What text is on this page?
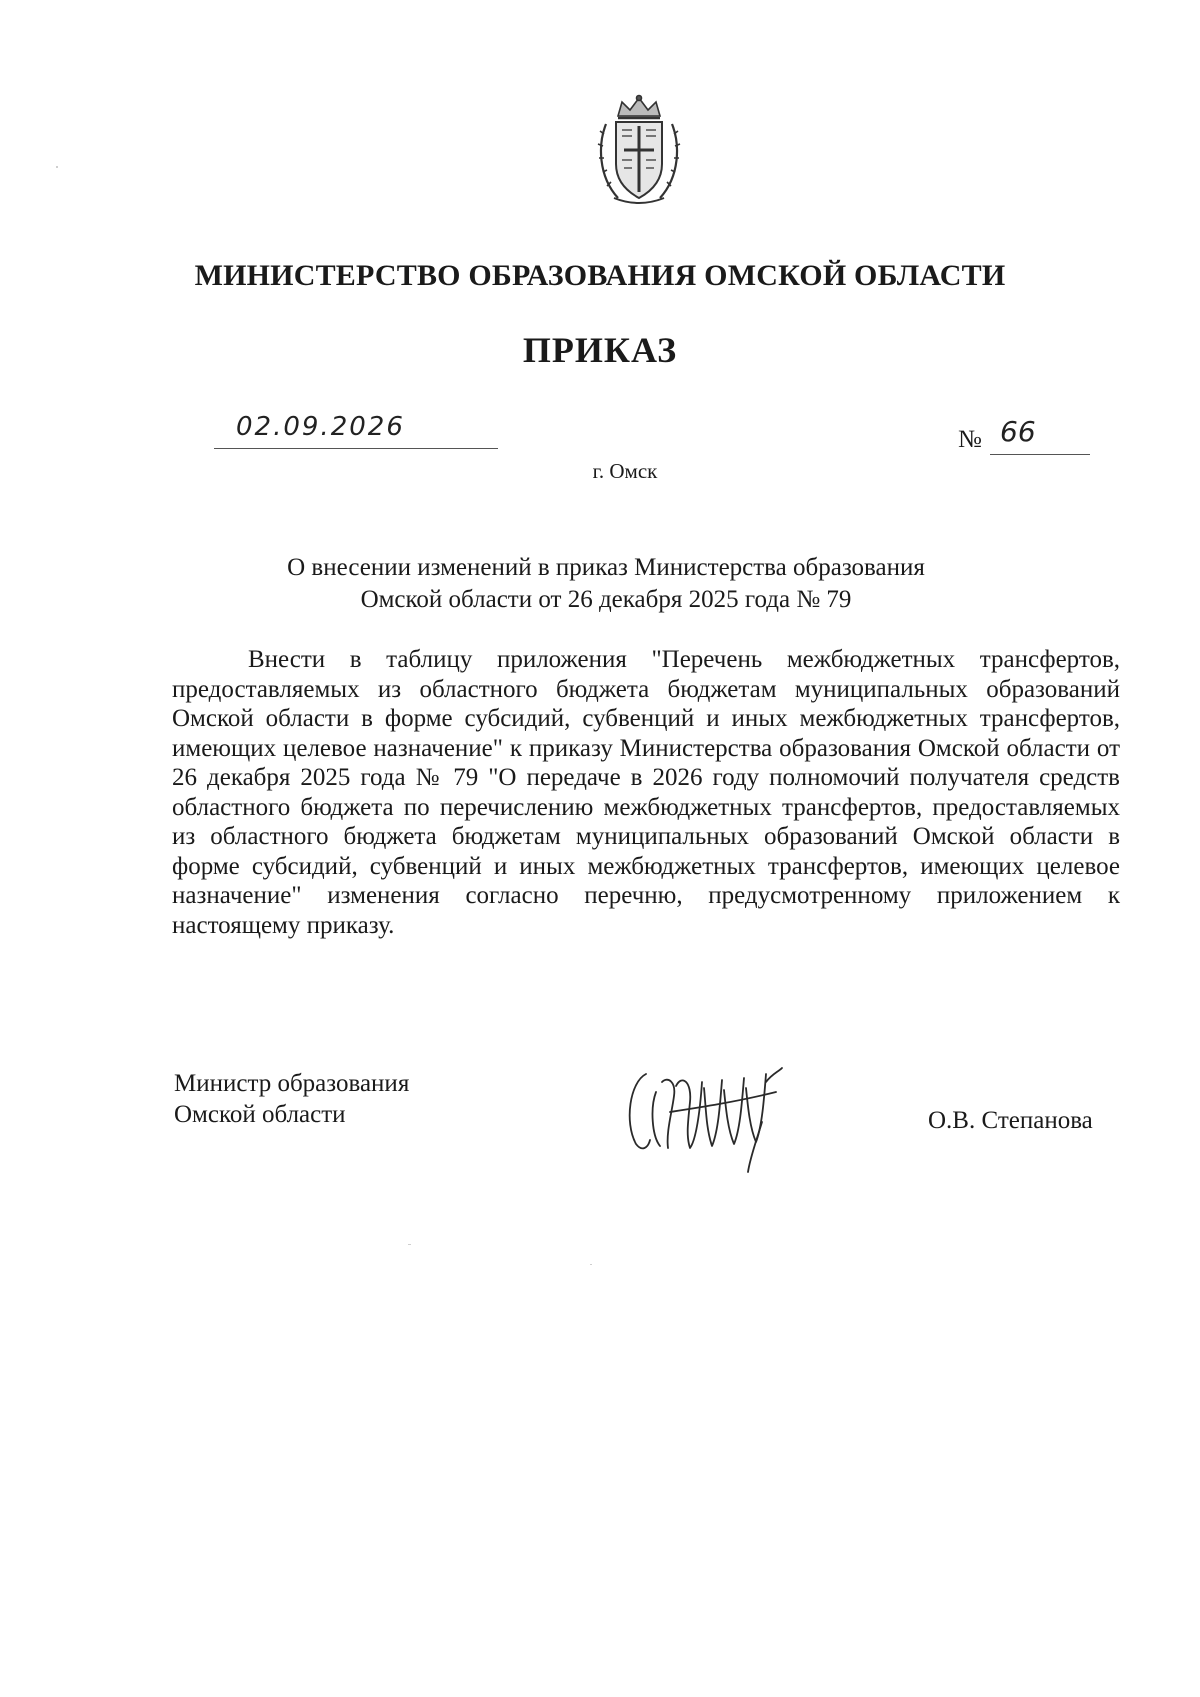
МИНИСТЕРСТВО ОБРАЗОВАНИЯ ОМСКОЙ ОБЛАСТИ
ПРИКАЗ
02.09.2026	№ 66
г. Омск
О внесении изменений в приказ Министерства образования
Омской области от 26 декабря 2025 года № 79

Внести в таблицу приложения "Перечень межбюджетных трансфертов, предоставляемых из областного бюджета бюджетам муниципальных образований Омской области в форме субсидий, субвенций и иных межбюджетных трансфертов, имеющих целевое назначение" к приказу Министерства образования Омской области от 26 декабря 2025 года № 79 "О передаче в 2026 году полномочий получателя средств областного бюджета по перечислению межбюджетных трансфертов, предоставляемых из областного бюджета бюджетам муниципальных образований Омской области в форме субсидий, субвенций и иных межбюджетных трансфертов, имеющих целевое назначение" изменения согласно перечню, предусмотренному приложением к настоящему приказу.

Министр образования
Омской области	О.В. Степанова
